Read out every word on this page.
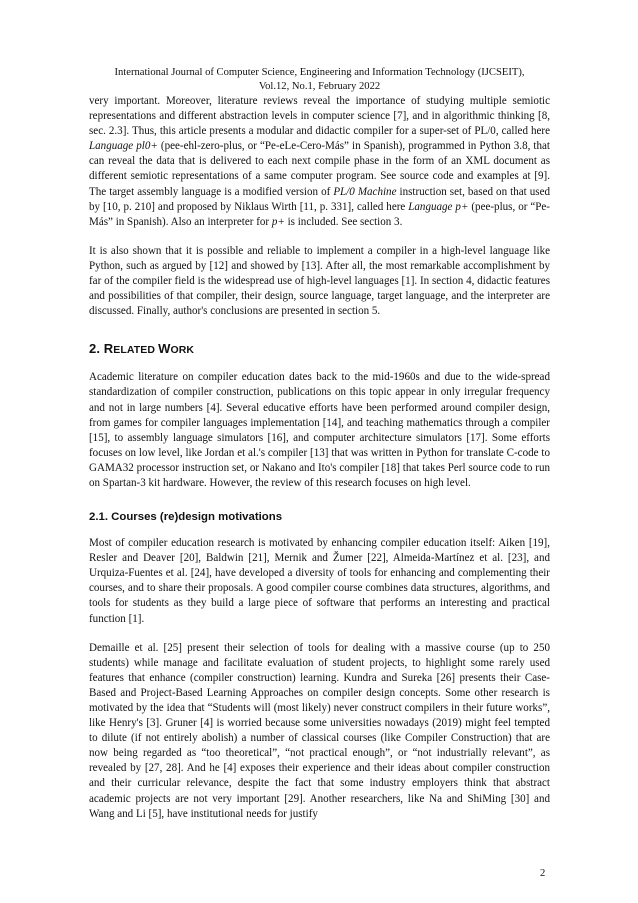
International Journal of Computer Science, Engineering and Information Technology (IJCSEIT),
Vol.12, No.1, February 2022

very important. Moreover, literature reviews reveal the importance of studying multiple semiotic representations and different abstraction levels in computer science [7], and in algorithmic thinking [8, sec. 2.3]. Thus, this article presents a modular and didactic compiler for a super-set of PL/0, called here Language pl0+ (pee-ehl-zero-plus, or “Pe-eLe-Cero-Más” in Spanish), programmed in Python 3.8, that can reveal the data that is delivered to each next compile phase in the form of an XML document as different semiotic representations of a same computer program. See source code and examples at [9]. The target assembly language is a modified version of PL/0 Machine instruction set, based on that used by [10, p. 210] and proposed by Niklaus Wirth [11, p. 331], called here Language p+ (pee-plus, or “Pe-Más” in Spanish). Also an interpreter for p+ is included. See section 3.

It is also shown that it is possible and reliable to implement a compiler in a high-level language like Python, such as argued by [12] and showed by [13]. After all, the most remarkable accomplishment by far of the compiler field is the widespread use of high-level languages [1]. In section 4, didactic features and possibilities of that compiler, their design, source language, target language, and the interpreter are discussed. Finally, author's conclusions are presented in section 5.

2. RELATED WORK

Academic literature on compiler education dates back to the mid-1960s and due to the wide-spread standardization of compiler construction, publications on this topic appear in only irregular frequency and not in large numbers [4]. Several educative efforts have been performed around compiler design, from games for compiler languages implementation [14], and teaching mathematics through a compiler [15], to assembly language simulators [16], and computer architecture simulators [17]. Some efforts focuses on low level, like Jordan et al.'s compiler [13] that was written in Python for translate C-code to GAMA32 processor instruction set, or Nakano and Ito's compiler [18] that takes Perl source code to run on Spartan-3 kit hardware. However, the review of this research focuses on high level.

2.1. Courses (re)design motivations

Most of compiler education research is motivated by enhancing compiler education itself: Aiken [19], Resler and Deaver [20], Baldwin [21], Mernik and Žumer [22], Almeida-Martínez et al. [23], and Urquiza-Fuentes et al. [24], have developed a diversity of tools for enhancing and complementing their courses, and to share their proposals. A good compiler course combines data structures, algorithms, and tools for students as they build a large piece of software that performs an interesting and practical function [1].

Demaille et al. [25] present their selection of tools for dealing with a massive course (up to 250 students) while manage and facilitate evaluation of student projects, to highlight some rarely used features that enhance (compiler construction) learning. Kundra and Sureka [26] presents their Case-Based and Project-Based Learning Approaches on compiler design concepts. Some other research is motivated by the idea that “Students will (most likely) never construct compilers in their future works”, like Henry's [3]. Gruner [4] is worried because some universities nowadays (2019) might feel tempted to dilute (if not entirely abolish) a number of classical courses (like Compiler Construction) that are now being regarded as “too theoretical”, “not practical enough”, or “not industrially relevant”, as revealed by [27, 28]. And he [4] exposes their experience and their ideas about compiler construction and their curricular relevance, despite the fact that some industry employers think that abstract academic projects are not very important [29]. Another researchers, like Na and ShiMing [30] and Wang and Li [5], have institutional needs for justify

2
